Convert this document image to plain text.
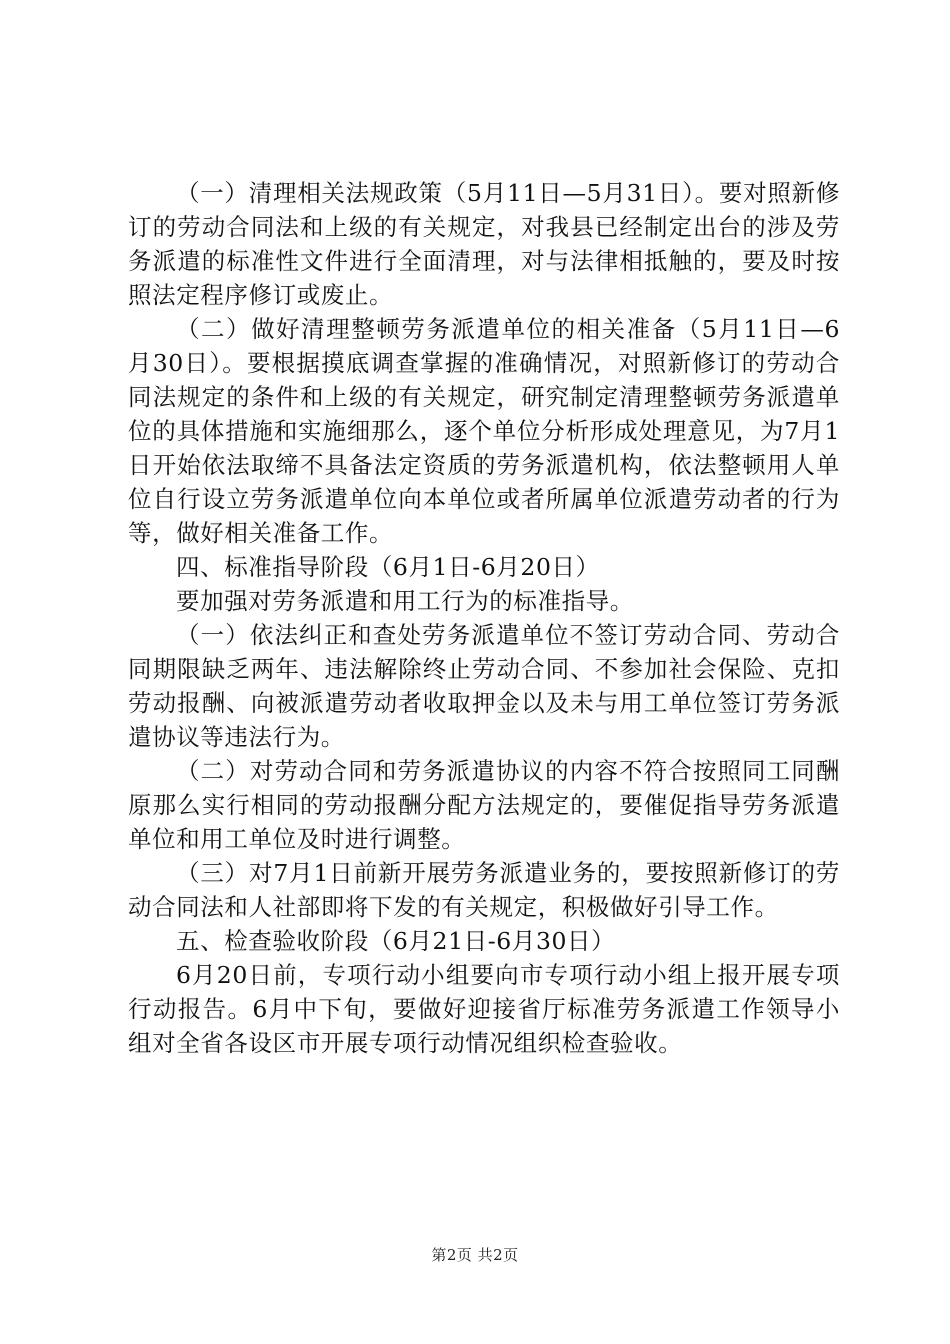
（一）清理相关法规政策（5月11日—5月31日）。要对照新修订的劳动合同法和上级的有关规定，对我县已经制定出台的涉及劳务派遣的标准性文件进行全面清理，对与法律相抵触的，要及时按照法定程序修订或废止。

（二）做好清理整顿劳务派遣单位的相关准备（5月11日—6月30日）。要根据摸底调查掌握的准确情况，对照新修订的劳动合同法规定的条件和上级的有关规定，研究制定清理整顿劳务派遣单位的具体措施和实施细那么，逐个单位分析形成处理意见，为7月1日开始依法取缔不具备法定资质的劳务派遣机构，依法整顿用人单位自行设立劳务派遣单位向本单位或者所属单位派遣劳动者的行为等，做好相关准备工作。

四、标准指导阶段（6月1日-6月20日）

要加强对劳务派遣和用工行为的标准指导。

（一）依法纠正和查处劳务派遣单位不签订劳动合同、劳动合同期限缺乏两年、违法解除终止劳动合同、不参加社会保险、克扣劳动报酬、向被派遣劳动者收取押金以及未与用工单位签订劳务派遣协议等违法行为。

（二）对劳动合同和劳务派遣协议的内容不符合按照同工同酬原那么实行相同的劳动报酬分配方法规定的，要催促指导劳务派遣单位和用工单位及时进行调整。

（三）对7月1日前新开展劳务派遣业务的，要按照新修订的劳动合同法和人社部即将下发的有关规定，积极做好引导工作。

五、检查验收阶段（6月21日-6月30日）

6月20日前，专项行动小组要向市专项行动小组上报开展专项行动报告。6月中下旬，要做好迎接省厅标准劳务派遣工作领导小组对全省各设区市开展专项行动情况组织检查验收。

第2页 共2页
